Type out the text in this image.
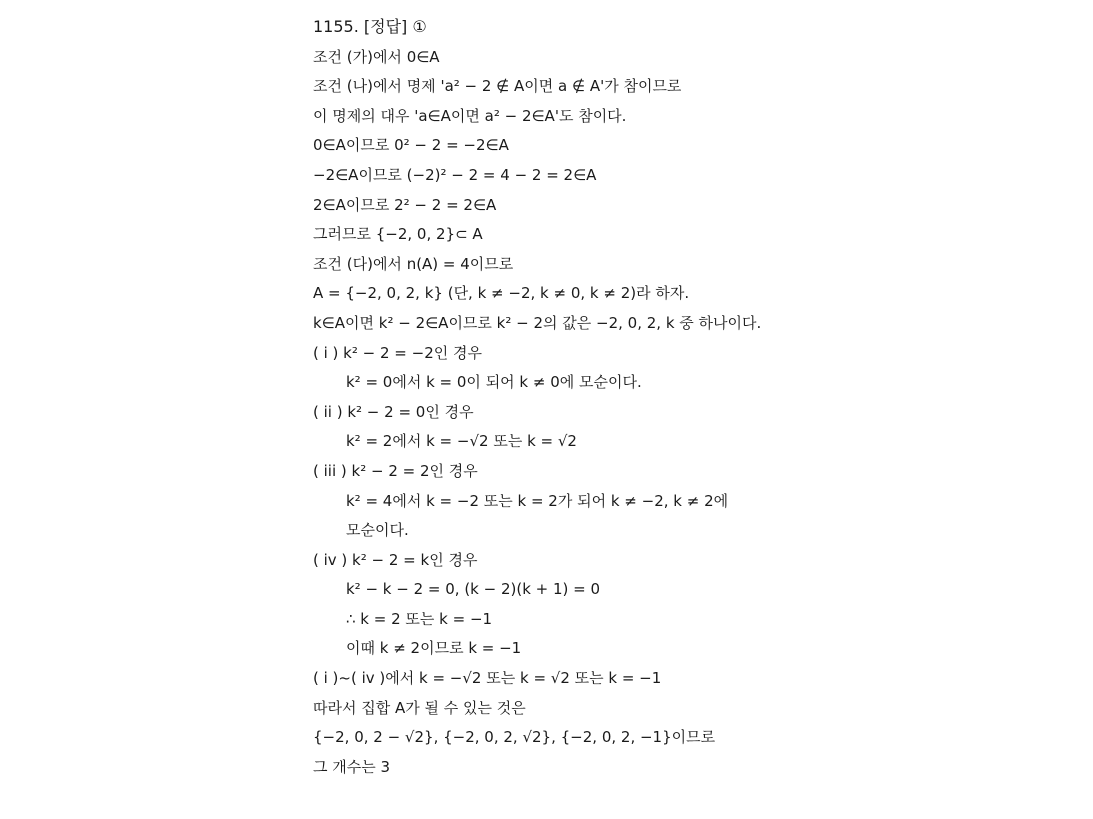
1155. [정답] ①
조건 (가)에서 0∈A
조건 (나)에서 명제 'a² − 2 ∉ A이면 a ∉ A'가 참이므로
이 명제의 대우 'a∈A이면 a² − 2∈A'도 참이다.
0∈A이므로 0² − 2 = −2∈A
−2∈A이므로 (−2)² − 2 = 4 − 2 = 2∈A
2∈A이므로 2² − 2 = 2∈A
그러므로 {−2, 0, 2}⊂ A
조건 (다)에서 n(A) = 4이므로
A = {−2, 0, 2, k} (단, k ≠ −2, k ≠ 0, k ≠ 2)라 하자.
k∈A이면 k² − 2∈A이므로 k² − 2의 값은 −2, 0, 2, k 중 하나이다.
( i ) k² − 2 = −2인 경우
k² = 0에서 k = 0이 되어 k ≠ 0에 모순이다.
( ii ) k² − 2 = 0인 경우
k² = 2에서 k = −√2 또는 k = √2
( iii ) k² − 2 = 2인 경우
k² = 4에서 k = −2 또는 k = 2가 되어 k ≠ −2, k ≠ 2에
모순이다.
( iv ) k² − 2 = k인 경우
k² − k − 2 = 0, (k − 2)(k + 1) = 0
∴ k = 2 또는 k = −1
이때 k ≠ 2이므로 k = −1
( i )~( iv )에서 k = −√2 또는 k = √2 또는 k = −1
따라서 집합 A가 될 수 있는 것은
{−2, 0, 2 − √2}, {−2, 0, 2, √2}, {−2, 0, 2, −1}이므로
그 개수는 3
